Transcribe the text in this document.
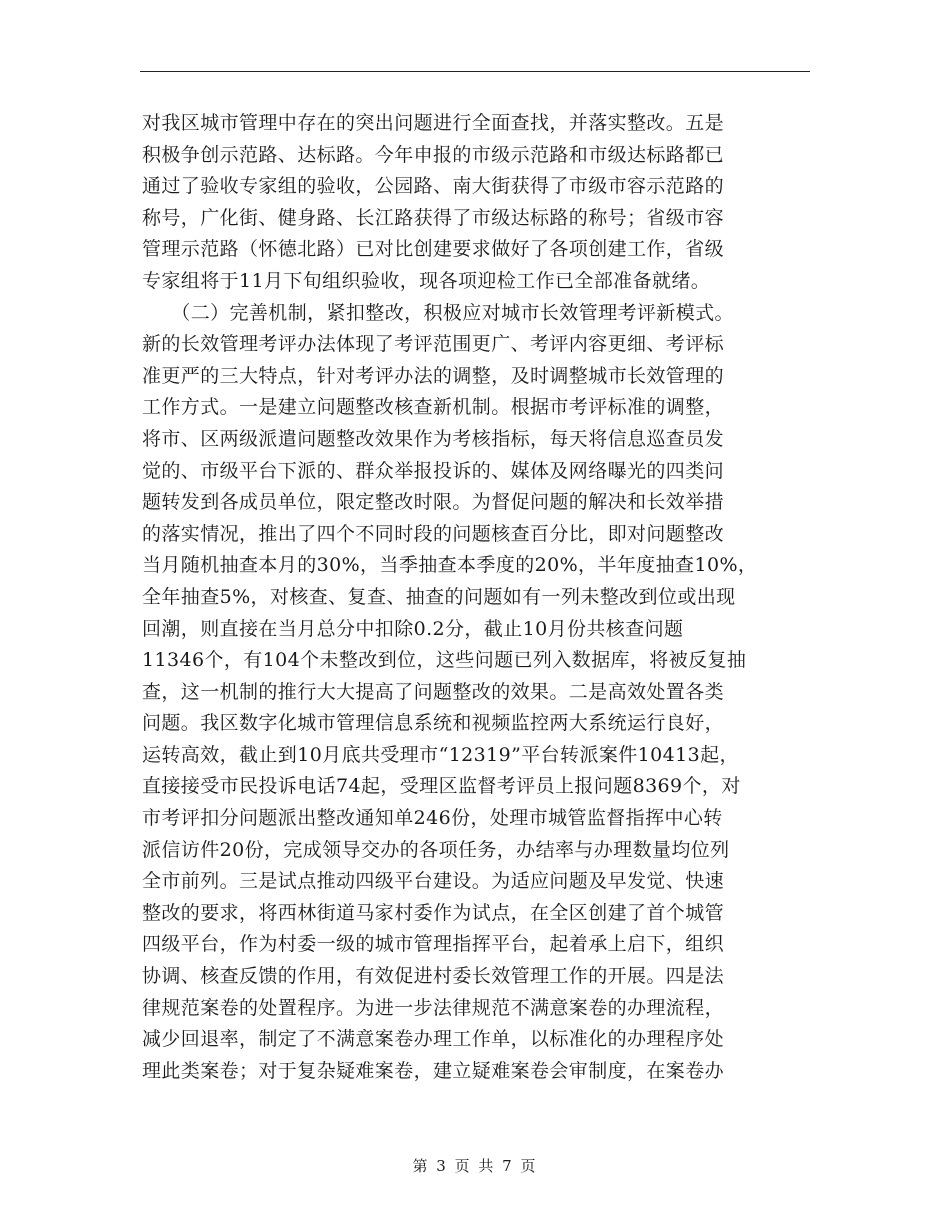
对我区城市管理中存在的突出问题进行全面查找，并落实整改。五是
积极争创示范路、达标路。今年申报的市级示范路和市级达标路都已
通过了验收专家组的验收，公园路、南大街获得了市级市容示范路的
称号，广化街、健身路、长江路获得了市级达标路的称号；省级市容
管理示范路（怀德北路）已对比创建要求做好了各项创建工作，省级
专家组将于11月下旬组织验收，现各项迎检工作已全部准备就绪。
　　（二）完善机制，紧扣整改，积极应对城市长效管理考评新模式。
新的长效管理考评办法体现了考评范围更广、考评内容更细、考评标
准更严的三大特点，针对考评办法的调整，及时调整城市长效管理的
工作方式。一是建立问题整改核查新机制。根据市考评标准的调整，
将市、区两级派遣问题整改效果作为考核指标，每天将信息巡查员发
觉的、市级平台下派的、群众举报投诉的、媒体及网络曝光的四类问
题转发到各成员单位，限定整改时限。为督促问题的解决和长效举措
的落实情况，推出了四个不同时段的问题核查百分比，即对问题整改
当月随机抽查本月的30%，当季抽查本季度的20%，半年度抽查10%，
全年抽查5%，对核查、复查、抽查的问题如有一列未整改到位或出现
回潮，则直接在当月总分中扣除0.2分，截止10月份共核查问题
11346个，有104个未整改到位，这些问题已列入数据库，将被反复抽
查，这一机制的推行大大提高了问题整改的效果。二是高效处置各类
问题。我区数字化城市管理信息系统和视频监控两大系统运行良好，
运转高效，截止到10月底共受理市“12319”平台转派案件10413起，
直接接受市民投诉电话74起，受理区监督考评员上报问题8369个，对
市考评扣分问题派出整改通知单246份，处理市城管监督指挥中心转
派信访件20份，完成领导交办的各项任务，办结率与办理数量均位列
全市前列。三是试点推动四级平台建设。为适应问题及早发觉、快速
整改的要求，将西林街道马家村委作为试点，在全区创建了首个城管
四级平台，作为村委一级的城市管理指挥平台，起着承上启下，组织
协调、核查反馈的作用，有效促进村委长效管理工作的开展。四是法
律规范案卷的处置程序。为进一步法律规范不满意案卷的办理流程，
减少回退率，制定了不满意案卷办理工作单，以标准化的办理程序处
理此类案卷；对于复杂疑难案卷，建立疑难案卷会审制度，在案卷办
第 3 页 共 7 页
